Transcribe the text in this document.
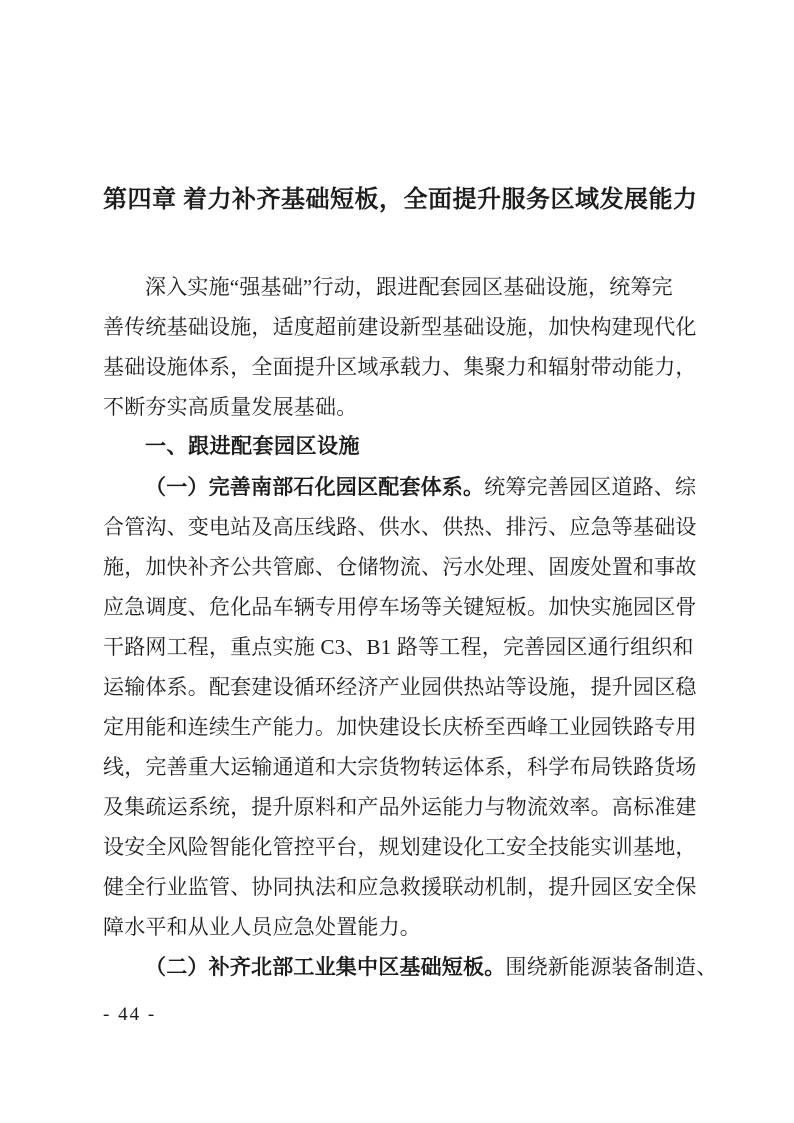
第四章 着力补齐基础短板，全面提升服务区域发展能力
深入实施“强基础”行动，跟进配套园区基础设施，统筹完
善传统基础设施，适度超前建设新型基础设施，加快构建现代化
基础设施体系，全面提升区域承载力、集聚力和辐射带动能力，
不断夯实高质量发展基础。
一、跟进配套园区设施
（一）完善南部石化园区配套体系。统筹完善园区道路、综
合管沟、变电站及高压线路、供水、供热、排污、应急等基础设
施，加快补齐公共管廊、仓储物流、污水处理、固废处置和事故
应急调度、危化品车辆专用停车场等关键短板。加快实施园区骨
干路网工程，重点实施 C3、B1 路等工程，完善园区通行组织和
运输体系。配套建设循环经济产业园供热站等设施，提升园区稳
定用能和连续生产能力。加快建设长庆桥至西峰工业园铁路专用
线，完善重大运输通道和大宗货物转运体系，科学布局铁路货场
及集疏运系统，提升原料和产品外运能力与物流效率。高标准建
设安全风险智能化管控平台，规划建设化工安全技能实训基地，
健全行业监管、协同执法和应急救援联动机制，提升园区安全保
障水平和从业人员应急处置能力。
（二）补齐北部工业集中区基础短板。围绕新能源装备制造、
- 44 -
